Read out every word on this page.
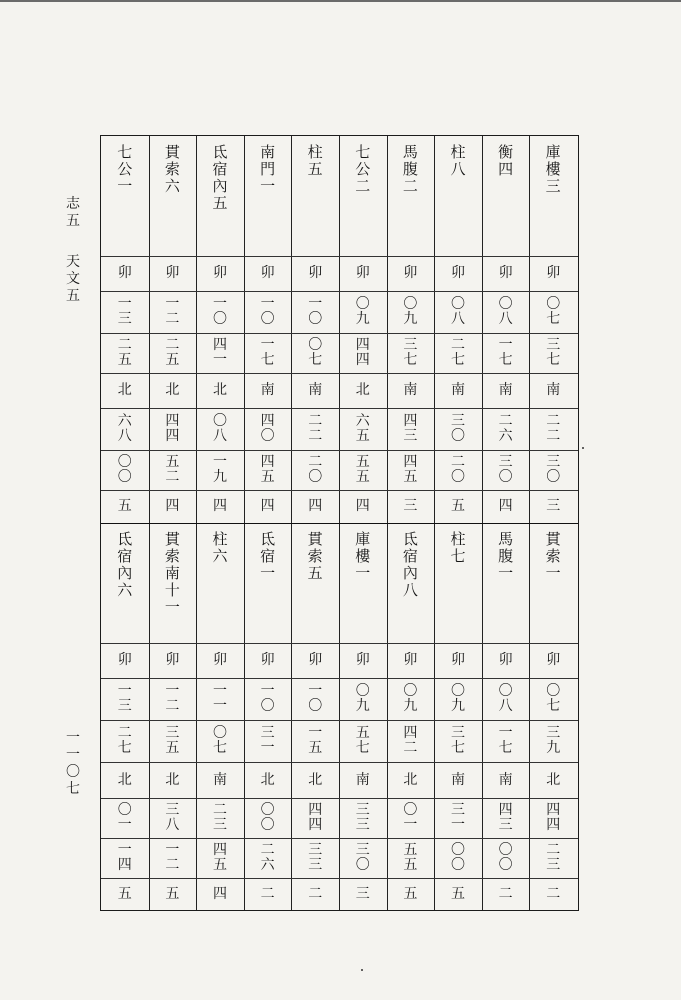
志
五
天
文
五
一
一
〇
七
七
公
一
卯
一
三
二
五
北
六
八
〇
〇
五
貫
索
六
卯
一
二
二
五
北
四
四
五
二
四
氐
宿
內
五
卯
一
〇
四
一
北
〇
八
一
九
四
南
門
一
卯
一
〇
一
七
南
四
〇
四
五
四
柱
五
卯
一
〇
〇
七
南
二
二
二
〇
四
七
公
二
卯
〇
九
四
四
北
六
五
五
五
四
馬
腹
二
卯
〇
九
三
七
南
四
三
四
五
三
柱
八
卯
〇
八
二
七
南
三
〇
二
〇
五
衡
四
卯
〇
八
一
七
南
二
六
三
〇
四
庫
樓
三
卯
〇
七
三
七
南
二
二
三
〇
三
氐
宿
內
六
卯
一
三
二
七
北
〇
一
一
四
五
貫
索
南
十
一
卯
一
二
三
五
北
三
八
一
二
五
柱
六
卯
一
一
〇
七
南
二
三
四
五
四
氐
宿
一
卯
一
〇
三
一
北
〇
〇
二
六
二
貫
索
五
卯
一
〇
一
五
北
四
四
三
三
二
庫
樓
一
卯
〇
九
五
七
南
三
三
三
〇
三
氐
宿
內
八
卯
〇
九
四
二
北
〇
一
五
五
五
柱
七
卯
〇
九
三
七
南
三
一
〇
〇
五
馬
腹
一
卯
〇
八
一
七
南
四
三
〇
〇
二
貫
索
一
卯
〇
七
三
九
北
四
四
二
三
二
